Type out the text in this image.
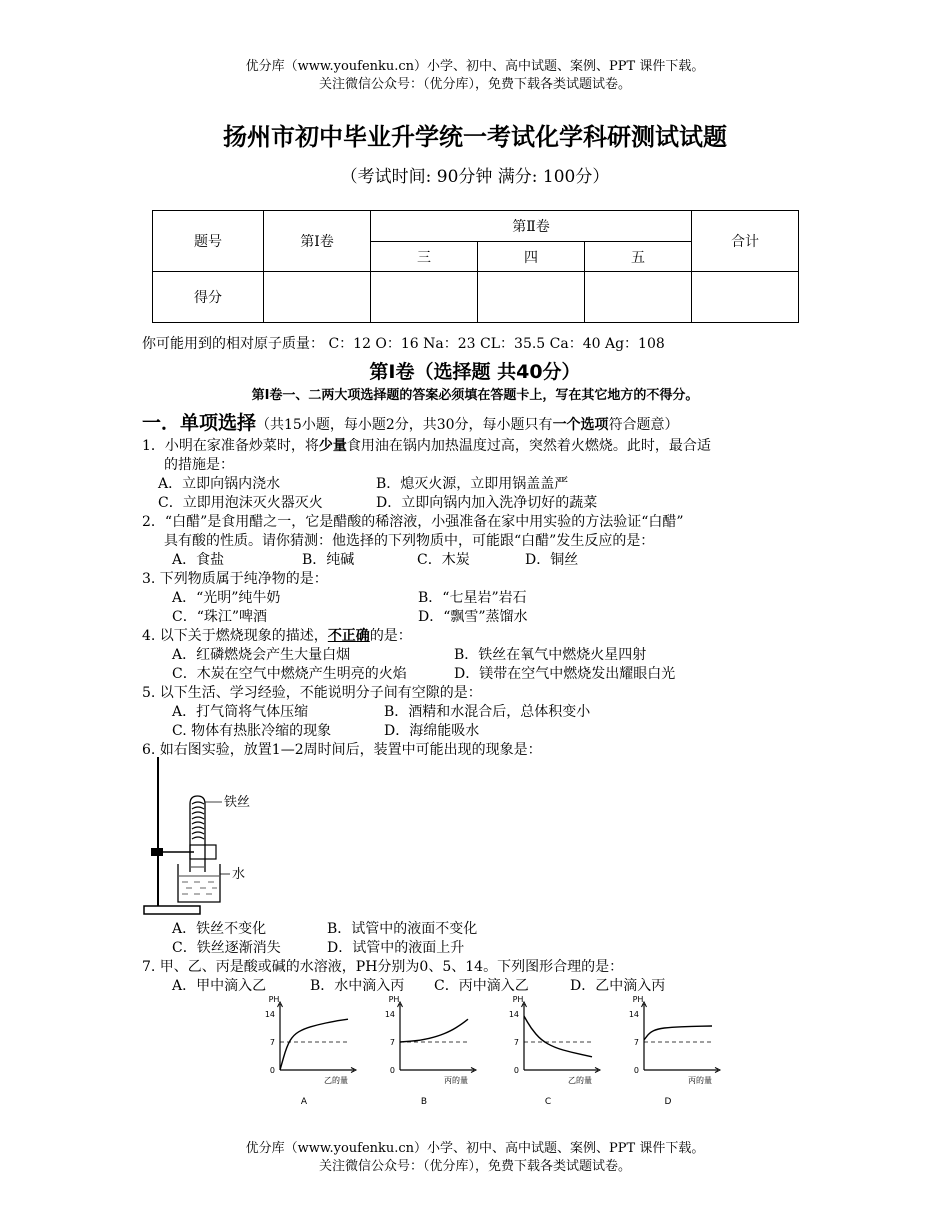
优分库（www.youfenku.cn）小学、初中、高中试题、案例、PPT 课件下载。
关注微信公众号：（优分库），免费下载各类试题试卷。
扬州市初中毕业升学统一考试化学科研测试试题
（考试时间: 90分钟 满分: 100分）
题号	第Ⅰ卷	第Ⅱ卷			合计
		三	四	五	
得分					
你可能用到的相对原子质量： C：12 O：16 Na：23 CL：35.5 Ca：40 Ag：108
第Ⅰ卷（选择题 共40分）
第Ⅰ卷一、二两大项选择题的答案必须填在答题卡上，写在其它地方的不得分。
一．单项选择（共15小题，每小题2分，共30分，每小题只有一个选项符合题意）
1．小明在家准备炒菜时，将少量食用油在锅内加热温度过高，突然着火燃烧。此时，最合适
的措施是：
A．立即向锅内浇水	B．熄灭火源，立即用锅盖盖严
C．立即用泡沫灭火器灭火	D．立即向锅内加入洗净切好的蔬菜
2．“白醋”是食用醋之一，它是醋酸的稀溶液，小强准备在家中用实验的方法验证“白醋”
具有酸的性质。请你猜测：他选择的下列物质中，可能跟“白醋”发生反应的是：
A．食盐	B．纯碱	C．木炭	D．铜丝
3. 下列物质属于纯净物的是：
A．“光明”纯牛奶	B．“七星岩”岩石
C．“珠江”啤酒	D．“飘雪”蒸馏水
4. 以下关于燃烧现象的描述，不正确的是：
A．红磷燃烧会产生大量白烟	B．铁丝在氧气中燃烧火星四射
C．木炭在空气中燃烧产生明亮的火焰	D．镁带在空气中燃烧发出耀眼白光
5. 以下生活、学习经验，不能说明分子间有空隙的是：
A．打气筒将气体压缩	B．酒精和水混合后，总体积变小
C. 物体有热胀冷缩的现象	D．海绵能吸水
6. 如右图实验，放置1—2周时间后，装置中可能出现的现象是：
铁丝
水
A．铁丝不变化	B．试管中的液面不变化
C．铁丝逐渐消失	D．试管中的液面上升
7. 甲、乙、丙是酸或碱的水溶液，PH分别为0、5、14。下列图形合理的是：
A．甲中滴入乙	B．水中滴入丙 C．丙中滴入乙	D．乙中滴入丙
PH
0
7
14
乙的量
A
PH
0
7
14
丙的量
B
PH
0
7
14
乙的量
C
PH
0
7
14
丙的量
D
优分库（www.youfenku.cn）小学、初中、高中试题、案例、PPT 课件下载。
关注微信公众号：（优分库），免费下载各类试题试卷。
